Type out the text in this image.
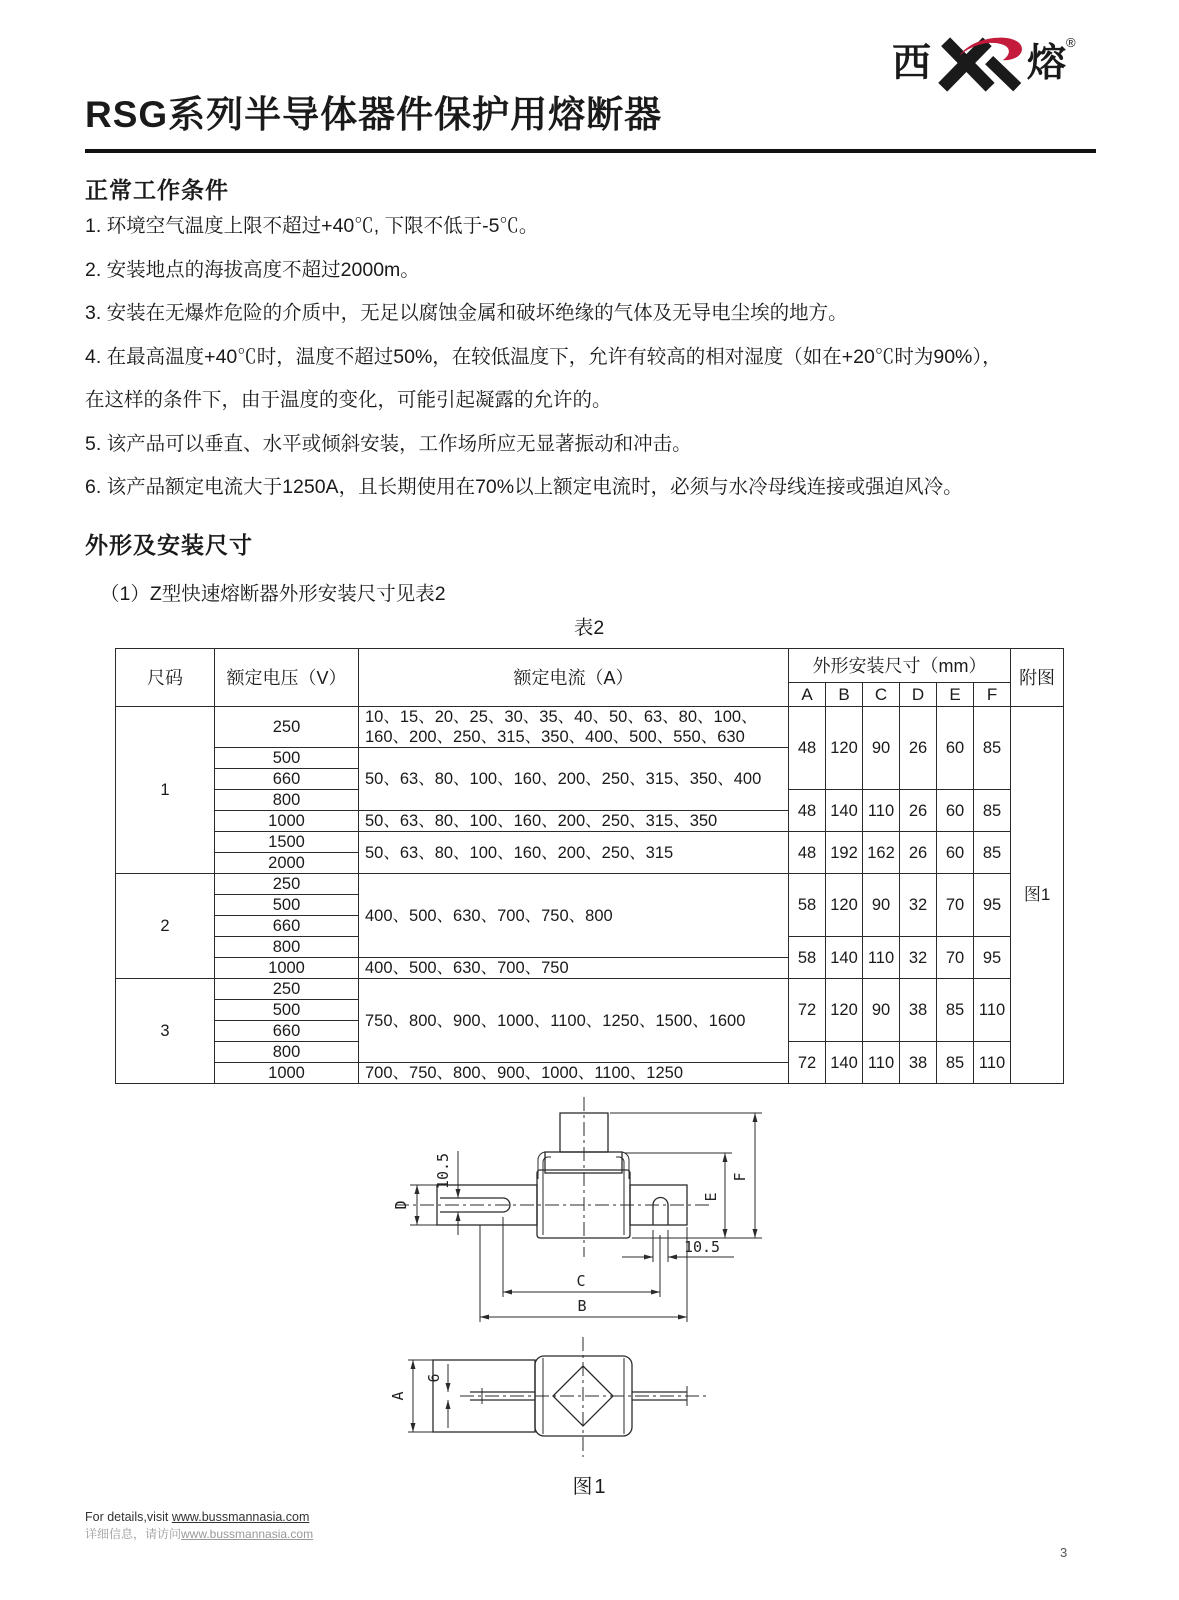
西 熔 ®
RSG系列半导体器件保护用熔断器
正常工作条件

1. 环境空气温度上限不超过+40℃, 下限不低于-5℃。

2. 安装地点的海拔高度不超过2000m。

3. 安装在无爆炸危险的介质中，无足以腐蚀金属和破坏绝缘的气体及无导电尘埃的地方。

4. 在最高温度+40℃时，温度不超过50%，在较低温度下，允许有较高的相对湿度（如在+20℃时为90%），

在这样的条件下，由于温度的变化，可能引起凝露的允许的。

5. 该产品可以垂直、水平或倾斜安装，工作场所应无显著振动和冲击。

6. 该产品额定电流大于1250A，且长期使用在70%以上额定电流时，必须与水冷母线连接或强迫风冷。

外形及安装尺寸
（1）Z型快速熔断器外形安装尺寸见表2
表2
尺码	额定电压（V）	额定电流（A）	外形安装尺寸（mm）						附图
			A	B	C	D	E	F	
1	250	10、15、20、25、30、35、40、50、63、80、100、160、200、250、315、350、400、500、550、630	48	120	90	26	60	85	图1
	500	50、63、80、100、160、200、250、315、350、400							
	660								
	800		48	140	110	26	60	85	
	1000	50、63、80、100、160、200、250、315、350							
	1500	50、63、80、100、160、200、250、315	48	192	162	26	60	85	
	2000								
2	250	400、500、630、700、750、800	58	120	90	32	70	95	
	500								
	660								
	800		58	140	110	32	70	95	
	1000	400、500、630、700、750							
3	250	750、800、900、1000、1100、1250、1500、1600	72	120	90	38	85	110	
	500								
	660								
	800		72	140	110	38	85	110	
	1000	700、750、800、900、1000、1100、1250							
D
10.5
E
F
10.5
C
B
A
6
图1
For details,visit www.bussmannasia.com
详细信息，请访问www.bussmannasia.com
3
